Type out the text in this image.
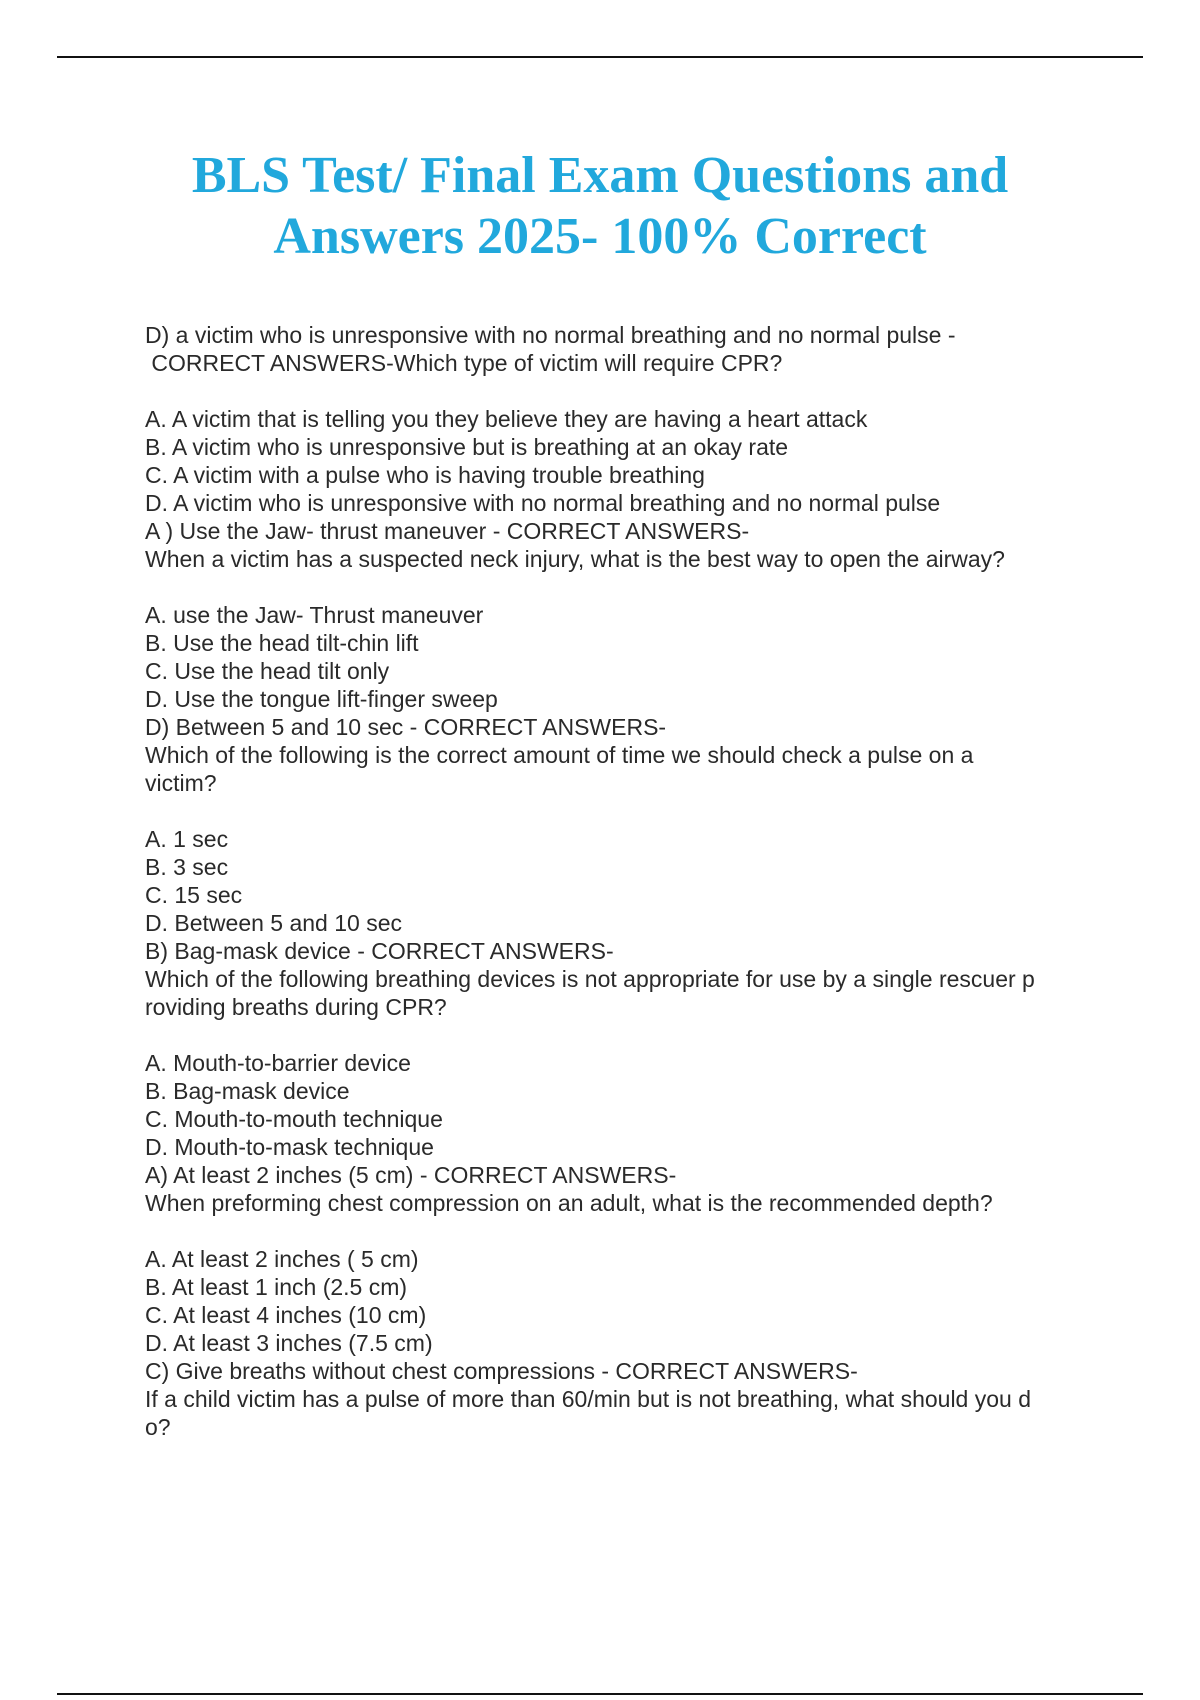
BLS Test/ Final Exam Questions and
Answers 2025- 100% Correct
D) a victim who is unresponsive with no normal breathing and no normal pulse -
CORRECT ANSWERS-Which type of victim will require CPR?
A. A victim that is telling you they believe they are having a heart attack
B. A victim who is unresponsive but is breathing at an okay rate
C. A victim with a pulse who is having trouble breathing
D. A victim who is unresponsive with no normal breathing and no normal pulse
A ) Use the Jaw- thrust maneuver - CORRECT ANSWERS-
When a victim has a suspected neck injury, what is the best way to open the airway?
A. use the Jaw- Thrust maneuver
B. Use the head tilt-chin lift
C. Use the head tilt only
D. Use the tongue lift-finger sweep
D) Between 5 and 10 sec - CORRECT ANSWERS-
Which of the following is the correct amount of time we should check a pulse on a
victim?
A. 1 sec
B. 3 sec
C. 15 sec
D. Between 5 and 10 sec
B) Bag-mask device - CORRECT ANSWERS-
Which of the following breathing devices is not appropriate for use by a single rescuer p
roviding breaths during CPR?
A. Mouth-to-barrier device
B. Bag-mask device
C. Mouth-to-mouth technique
D. Mouth-to-mask technique
A) At least 2 inches (5 cm) - CORRECT ANSWERS-
When preforming chest compression on an adult, what is the recommended depth?
A. At least 2 inches ( 5 cm)
B. At least 1 inch (2.5 cm)
C. At least 4 inches (10 cm)
D. At least 3 inches (7.5 cm)
C) Give breaths without chest compressions - CORRECT ANSWERS-
If a child victim has a pulse of more than 60/min but is not breathing, what should you d
o?
